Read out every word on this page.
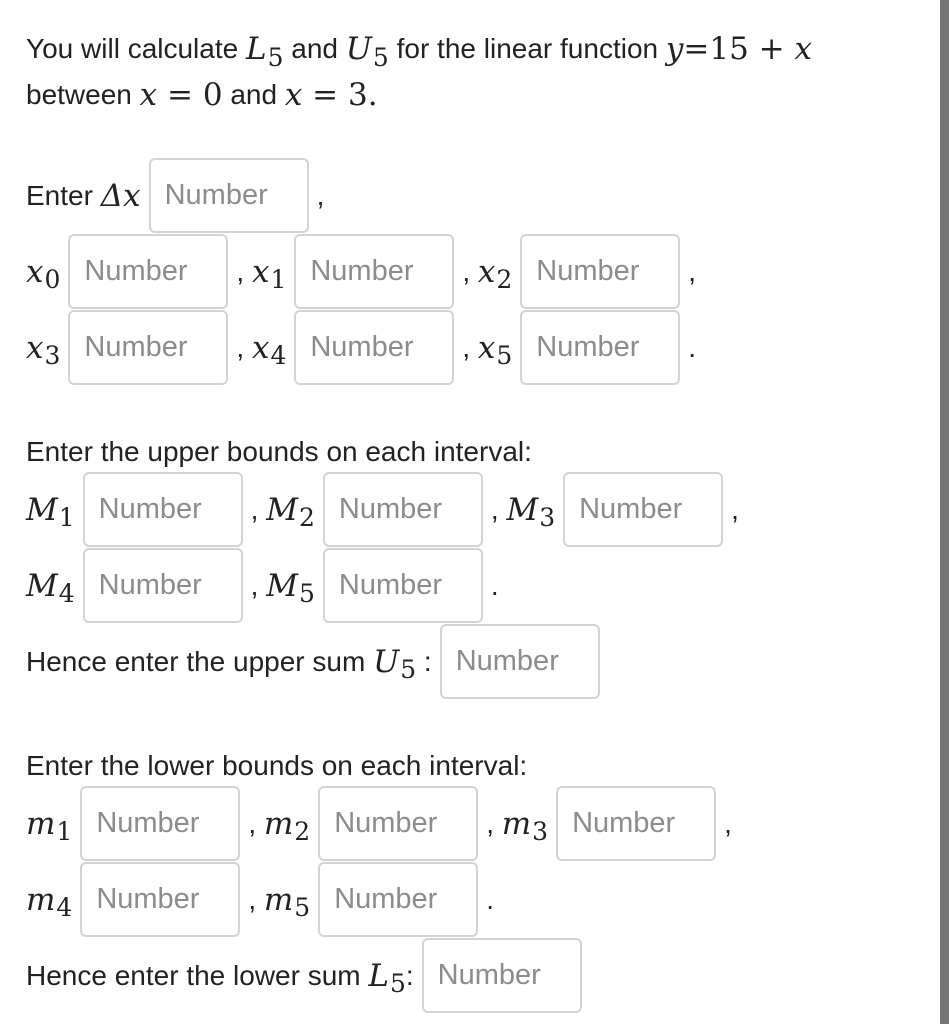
You will calculate
$L_5$
and
$U_5$
for the linear function
y =15 + x
between
x = 0
and
x = 3 .
Enter
Δx
Number	,
$x_0$
Number	,
$x_1$
Number	,
$x_2$
Number	,
$x_3$
Number	,
$x_4$
Number	,
$x_5$
Number	.
Enter the upper bounds on each interval:
$M_1$
Number	,
$M_2$
Number	,
$M_3$
Number	,
$M_4$
Number	,
$M_5$
Number	.
Hence enter the upper sum
$U_5$
:
Number
Enter the lower bounds on each interval:
$m_1$
Number	,
$m_2$
Number	,
$m_3$
Number	,
$m_4$
Number	,
$m_5$
Number	.
Hence enter the lower sum
$L_5$ :
Number
